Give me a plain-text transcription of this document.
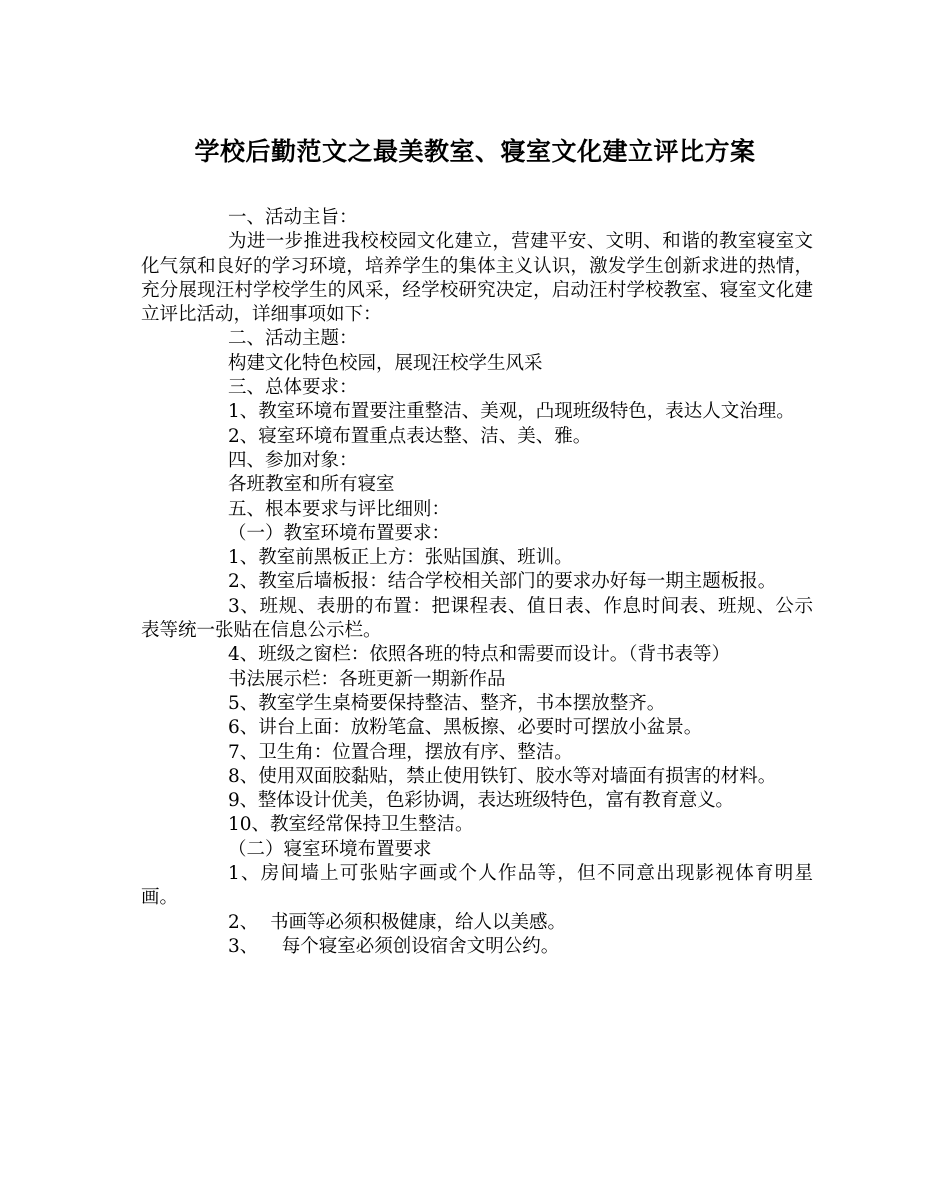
学校后勤范文之最美教室、寝室文化建立评比方案

一、活动主旨：

为进一步推进我校校园文化建立，营建平安、文明、和谐的教室寝室文化气氛和良好的学习环境，培养学生的集体主义认识，激发学生创新求进的热情，充分展现汪村学校学生的风采，经学校研究决定，启动汪村学校教室、寝室文化建立评比活动，详细事项如下：

二、活动主题：

构建文化特色校园，展现汪校学生风采

三、总体要求：

1、教室环境布置要注重整洁、美观，凸现班级特色，表达人文治理。

2、寝室环境布置重点表达整、洁、美、雅。

四、参加对象：

各班教室和所有寝室

五、根本要求与评比细则：

（一）教室环境布置要求：

1、教室前黑板正上方：张贴国旗、班训。

2、教室后墙板报：结合学校相关部门的要求办好每一期主题板报。

3、班规、表册的布置：把课程表、值日表、作息时间表、班规、公示表等统一张贴在信息公示栏。

4、班级之窗栏：依照各班的特点和需要而设计。（背书表等）

书法展示栏：各班更新一期新作品

5、教室学生桌椅要保持整洁、整齐，书本摆放整齐。

6、讲台上面：放粉笔盒、黑板擦、必要时可摆放小盆景。

7、卫生角：位置合理，摆放有序、整洁。

8、使用双面胶黏贴，禁止使用铁钉、胶水等对墙面有损害的材料。

9、整体设计优美，色彩协调，表达班级特色，富有教育意义。

10、教室经常保持卫生整洁。

（二）寝室环境布置要求

1、房间墙上可张贴字画或个人作品等，但不同意出现影视体育明星画。

2、  书画等必须积极健康，给人以美感。

3、    每个寝室必须创设宿舍文明公约。
